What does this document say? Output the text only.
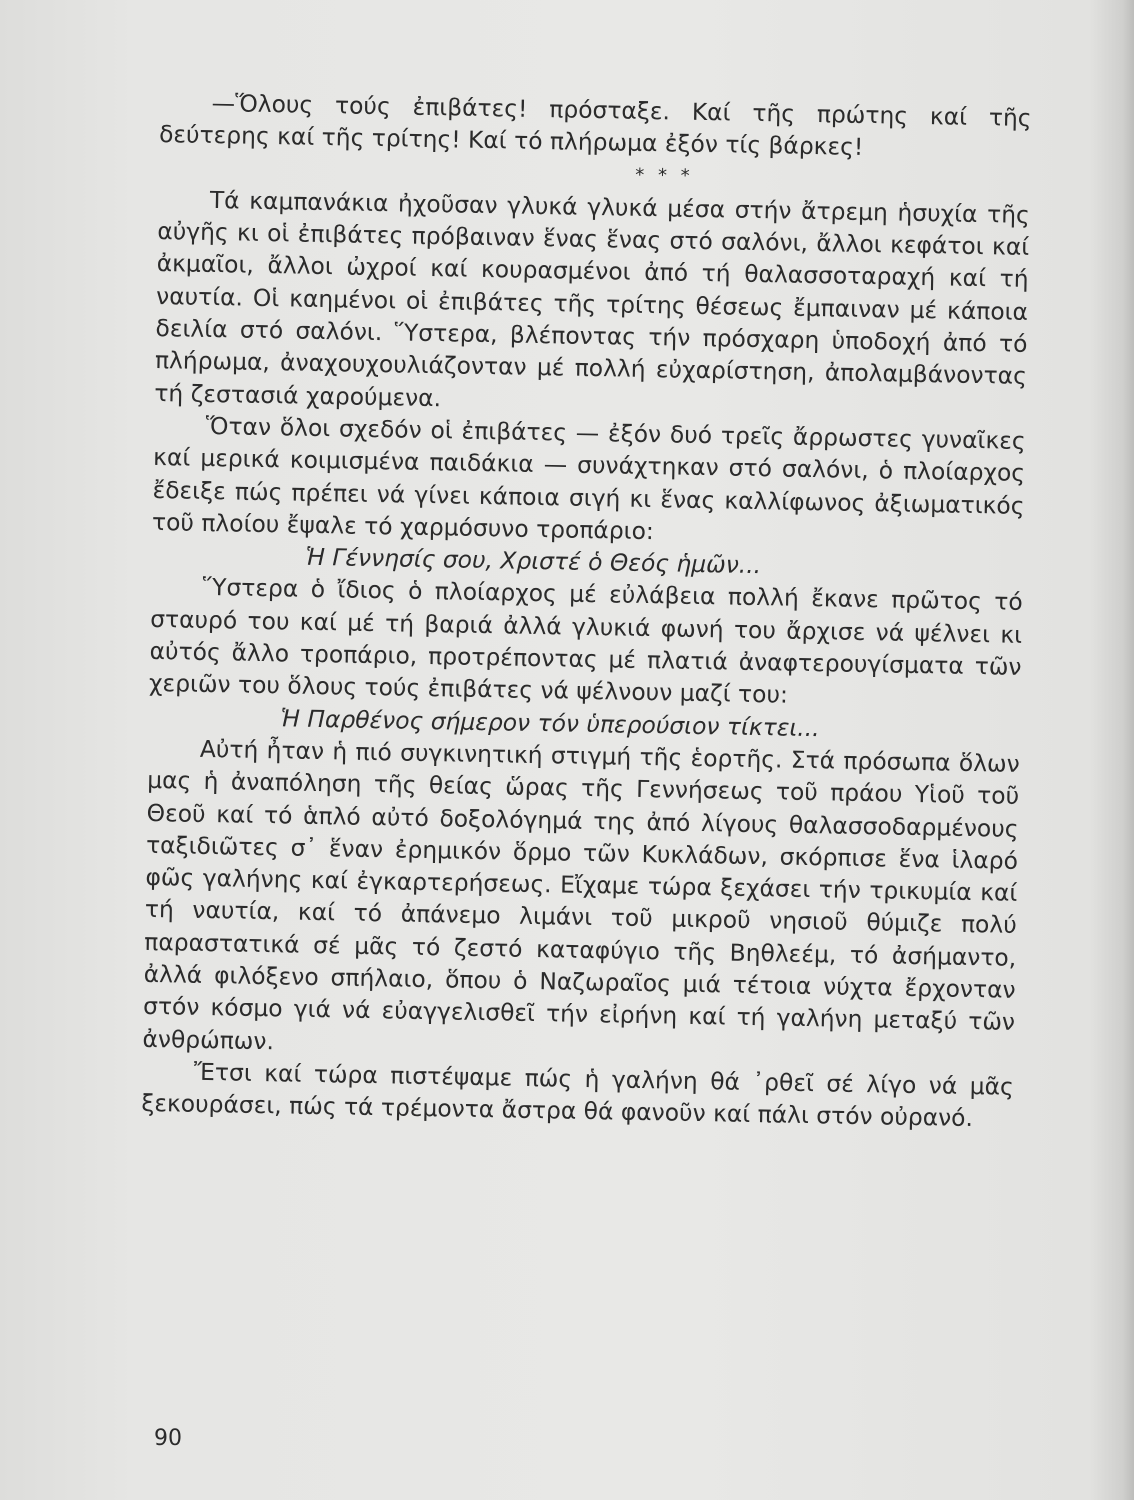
—Ὅλους τούς ἐπιβάτες! πρόσταξε. Καί τῆς πρώτης καί τῆς δεύτερης καί τῆς τρίτης! Καί τό πλήρωμα ἐξόν τίς βάρκες!

* * *

Τά καμπανάκια ἠχοῦσαν γλυκά γλυκά μέσα στήν ἄτρεμη ἡσυχία τῆς αὐγῆς κι οἱ ἐπιβάτες πρόβαιναν ἕνας ἕνας στό σαλόνι, ἄλλοι κεφάτοι καί ἀκμαῖοι, ἄλλοι ὠχροί καί κουρασμένοι ἀπό τή θαλασσοταραχή καί τή ναυτία. Οἱ καημένοι οἱ ἐπιβάτες τῆς τρίτης θέσεως ἔμπαιναν μέ κάποια δειλία στό σαλόνι. Ὕστερα, βλέποντας τήν πρόσχαρη ὑποδοχή ἀπό τό πλήρωμα, ἀναχουχουλιάζονταν μέ πολλή εὐχαρίστηση, ἀπολαμβάνοντας τή ζεστασιά χαρούμενα.

Ὅταν ὅλοι σχεδόν οἱ ἐπιβάτες — ἐξόν δυό τρεῖς ἄρρωστες γυναῖκες καί μερικά κοιμισμένα παιδάκια — συνάχτηκαν στό σαλόνι, ὁ πλοίαρχος ἔδειξε πώς πρέπει νά γίνει κάποια σιγή κι ἕνας καλλίφωνος ἀξιωματικός τοῦ πλοίου ἔψαλε τό χαρμόσυνο τροπάριο:

Ἡ Γέννησίς σου, Χριστέ ὁ Θεός ἡμῶν...

Ὕστερα ὁ ἴδιος ὁ πλοίαρχος μέ εὐλάβεια πολλή ἔκανε πρῶτος τό σταυρό του καί μέ τή βαριά ἀλλά γλυκιά φωνή του ἄρχισε νά ψέλνει κι αὐτός ἄλλο τροπάριο, προτρέποντας μέ πλατιά ἀναφτερουγίσματα τῶν χεριῶν του ὅλους τούς ἐπιβάτες νά ψέλνουν μαζί του:

Ἡ Παρθένος σήμερον τόν ὑπερούσιον τίκτει...

Αὐτή ἦταν ἡ πιό συγκινητική στιγμή τῆς ἑορτῆς. Στά πρόσωπα ὅλων μας ἡ ἀναπόληση τῆς θείας ὥρας τῆς Γεννήσεως τοῦ πράου Υἱοῦ τοῦ Θεοῦ καί τό ἁπλό αὐτό δοξολόγημά της ἀπό λίγους θαλασσοδαρμένους ταξιδιῶτες σ᾽ ἕναν ἐρημικόν ὅρμο τῶν Κυκλάδων, σκόρπισε ἕνα ἱλαρό φῶς γαλήνης καί ἐγκαρτερήσεως. Εἴχαμε τώρα ξεχάσει τήν τρικυμία καί τή ναυτία, καί τό ἀπάνεμο λιμάνι τοῦ μικροῦ νησιοῦ θύμιζε πολύ παραστατικά σέ μᾶς τό ζεστό καταφύγιο τῆς Βηθλεέμ, τό ἀσήμαντο, ἀλλά φιλόξενο σπήλαιο, ὅπου ὁ Ναζωραῖος μιά τέτοια νύχτα ἔρχονταν στόν κόσμο γιά νά εὐαγγελισθεῖ τήν εἰρήνη καί τή γαλήνη μεταξύ τῶν ἀνθρώπων.

Ἔτσι καί τώρα πιστέψαμε πώς ἡ γαλήνη θά ᾽ρθεῖ σέ λίγο νά μᾶς ξεκουράσει, πώς τά τρέμοντα ἄστρα θά φανοῦν καί πάλι στόν οὐρανό.

90
